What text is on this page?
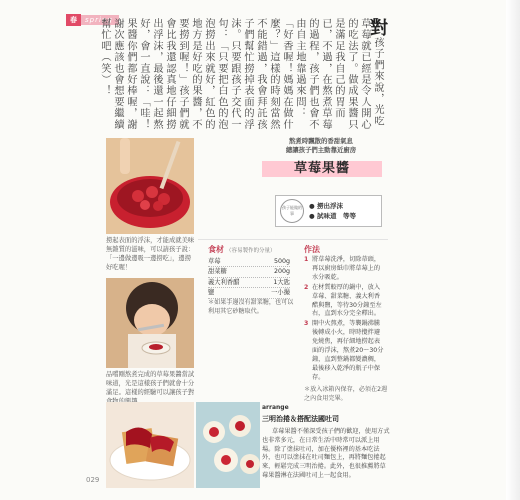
春	spring	對孩子們來說，光吃草莓就已經是令人開心的吃法了。做成果醬只是滿足我自己的胃而已，不過，在熬煮草莓的過程，孩子們也會不由自主地靠過來問：「好香喔！媽媽在做什麼？」這樣的時刻當然不能錯過，我會拜託孩子們幫忙撈掉表面的浮沫。只要跟孩子交代一句：「只要把白色的泡泡撈出來就好，紅色的地方是好吃的果醬，不要撈到喔！」孩子們就會比我還認真地仔細撈出浮沫，最後還一起熬好，會一直說：「哇！果醬你們都好棒喔，謝謝次應該也會想要繼續幫忙吧（笑）！
撈起表面的浮沫，才能成就美味無雜質的滋味，可以請孩子說：「一邊做邊吸一邊撈吃」，邊撈好吃喔！
品嚐剛熬煮完成的草莓果醬當試味道，光是這樣孩子們就會十分滿足。這樣的經驗可以讓孩子對
029
熬煮時飄散的香甜氣息
總讓孩子們主動靠近廚房
草莓果醬
孩子能做的事
● 撈出浮沫
● 試味道　等等
食材 （容易製作的分量）
草莓	500g
甜菜糖	200g
義大利香醋	1大匙
鹽	一小撮
＊如果手邊沒有甜菜糖，也可以利用其它砂糖取代。
作法
1 將草莓洗淨，切除蒂頭，再以廚房紙巾將草莓上的水分吸乾。
2 在材質較厚的鍋中，放入草莓、甜菜糖、義大利香醋與鹽，等待30分鐘至左右，直到水分完全釋出。
3 開中火熬煮，等襲鍋沸騰後轉成小火，時時攪拌避免燒焦，再仔細地撈起表面的浮沫，熬煮20～30分鐘，直到整鍋都變濃稠，最後移入乾淨的瓶子中保存。
＊放入冰箱內保存，必須在2週之內食用完畢。
arrange
三明治捲＆搭配法國吐司
草莓果醬不僅深受孩子們的歡迎，使用方式也非常多元，在日常生活中時常可以派上用場。除了塗抹吐司，加在優格裡的基本吃法外，也可以塗抹在吐司麵包上，再將麵包捲起來，輕鬆完成三明治捲。此外，也很推薦將草莓果醬淋在法國吐司上一起食用。
